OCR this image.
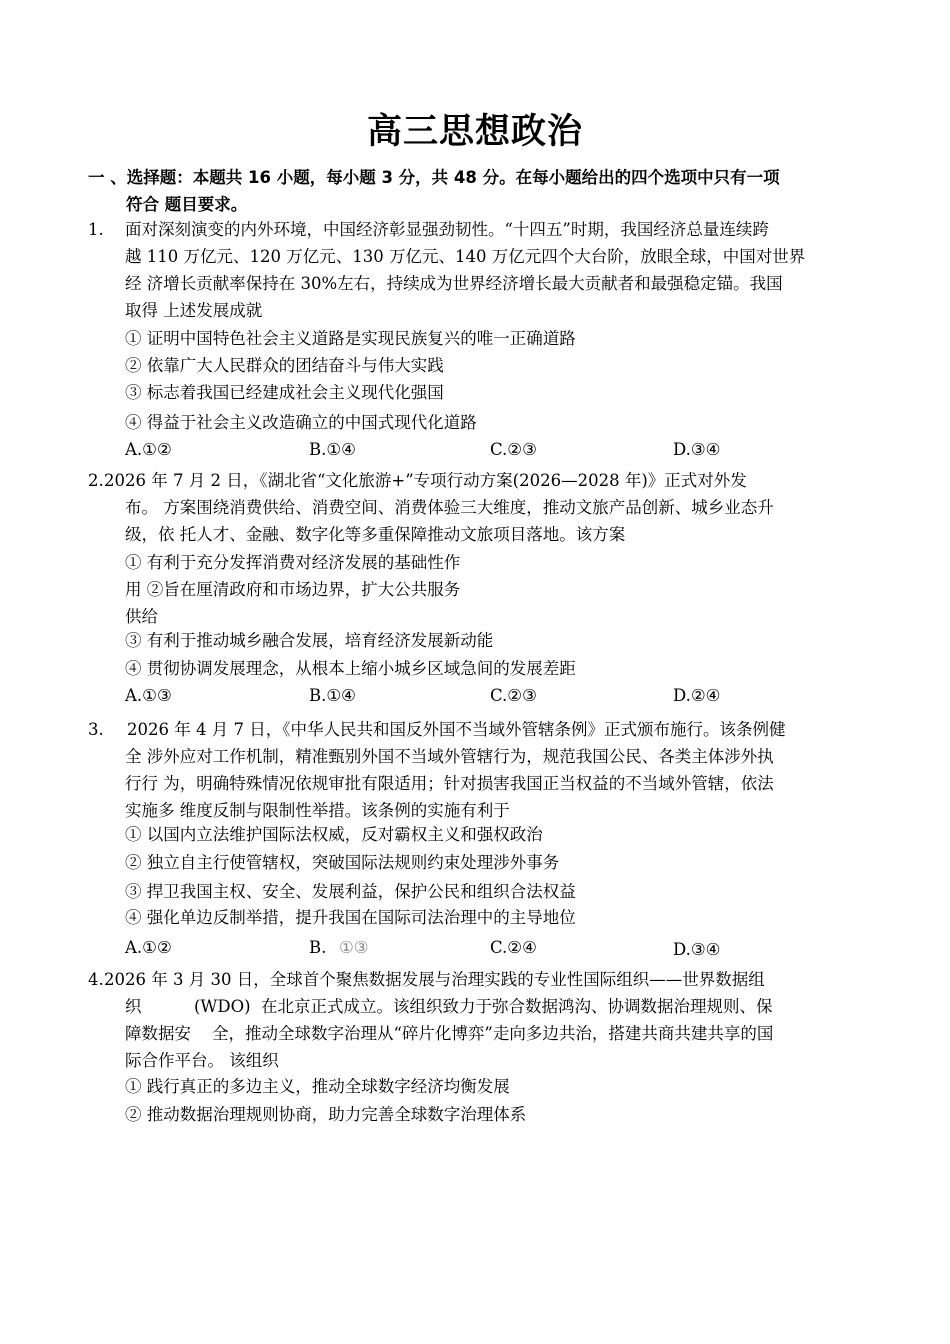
高三思想政治
一 、选择题：本题共 16 小题，每小题 3 分，共 48 分。在每小题给出的四个选项中只有一项
符合 题目要求。
1. 面对深刻演变的内外环境，中国经济彰显强劲韧性。“十四五”时期，我国经济总量连续跨
越 110 万亿元、120 万亿元、130 万亿元、140 万亿元四个大台阶，放眼全球，中国对世界
经 济增长贡献率保持在 30%左右，持续成为世界经济增长最大贡献者和最强稳定锚。我国
取得 上述发展成就
① 证明中国特色社会主义道路是实现民族复兴的唯一正确道路
② 依靠广大人民群众的团结奋斗与伟大实践
③ 标志着我国已经建成社会主义现代化强国
④ 得益于社会主义改造确立的中国式现代化道路
A.①②	B.①④	C.②③	D.③④
2. 2026 年 7 月 2 日，《湖北省“文化旅游+”专项行动方案(2026—2028 年)》正式对外发
布。 方案围绕消费供给、消费空间、消费体验三大维度，推动文旅产品创新、城乡业态升
级，依 托人才、金融、数字化等多重保障推动文旅项目落地。该方案
① 有利于充分发挥消费对经济发展的基础性作
用 ②旨在厘清政府和市场边界，扩大公共服务
供给
③ 有利于推动城乡融合发展，培育经济发展新动能
④ 贯彻协调发展理念，从根本上缩小城乡区域急间的发展差距
A.①③	B.①④	C.②③	D.②④
3. 2026 年 4 月 7 日，《中华人民共和国反外国不当域外管辖条例》正式颁布施行。该条例健
全 涉外应对工作机制，精准甄别外国不当域外管辖行为，规范我国公民、各类主体涉外执
行行 为，明确特殊情况依规审批有限适用；针对损害我国正当权益的不当域外管辖，依法
实施多 维度反制与限制性举措。该条例的实施有利于
① 以国内立法维护国际法权威，反对霸权主义和强权政治
② 独立自主行使管辖权，突破国际法规则约束处理涉外事务
③ 捍卫我国主权、安全、发展利益，保护公民和组织合法权益
④ 强化单边反制举措，提升我国在国际司法治理中的主导地位
A.①②	B. ①③	C.②④	D.③④
4. 2026 年 3 月 30 日，全球首个聚焦数据发展与治理实践的专业性国际组织——世界数据组
织          (WDO)  在北京正式成立。该组织致力于弥合数据鸿沟、协调数据治理规则、保
障数据安    全，推动全球数字治理从“碎片化博弈”走向多边共治，搭建共商共建共享的国
际合作平台。 该组织
① 践行真正的多边主义，推动全球数字经济均衡发展
② 推动数据治理规则协商，助力完善全球数字治理体系
